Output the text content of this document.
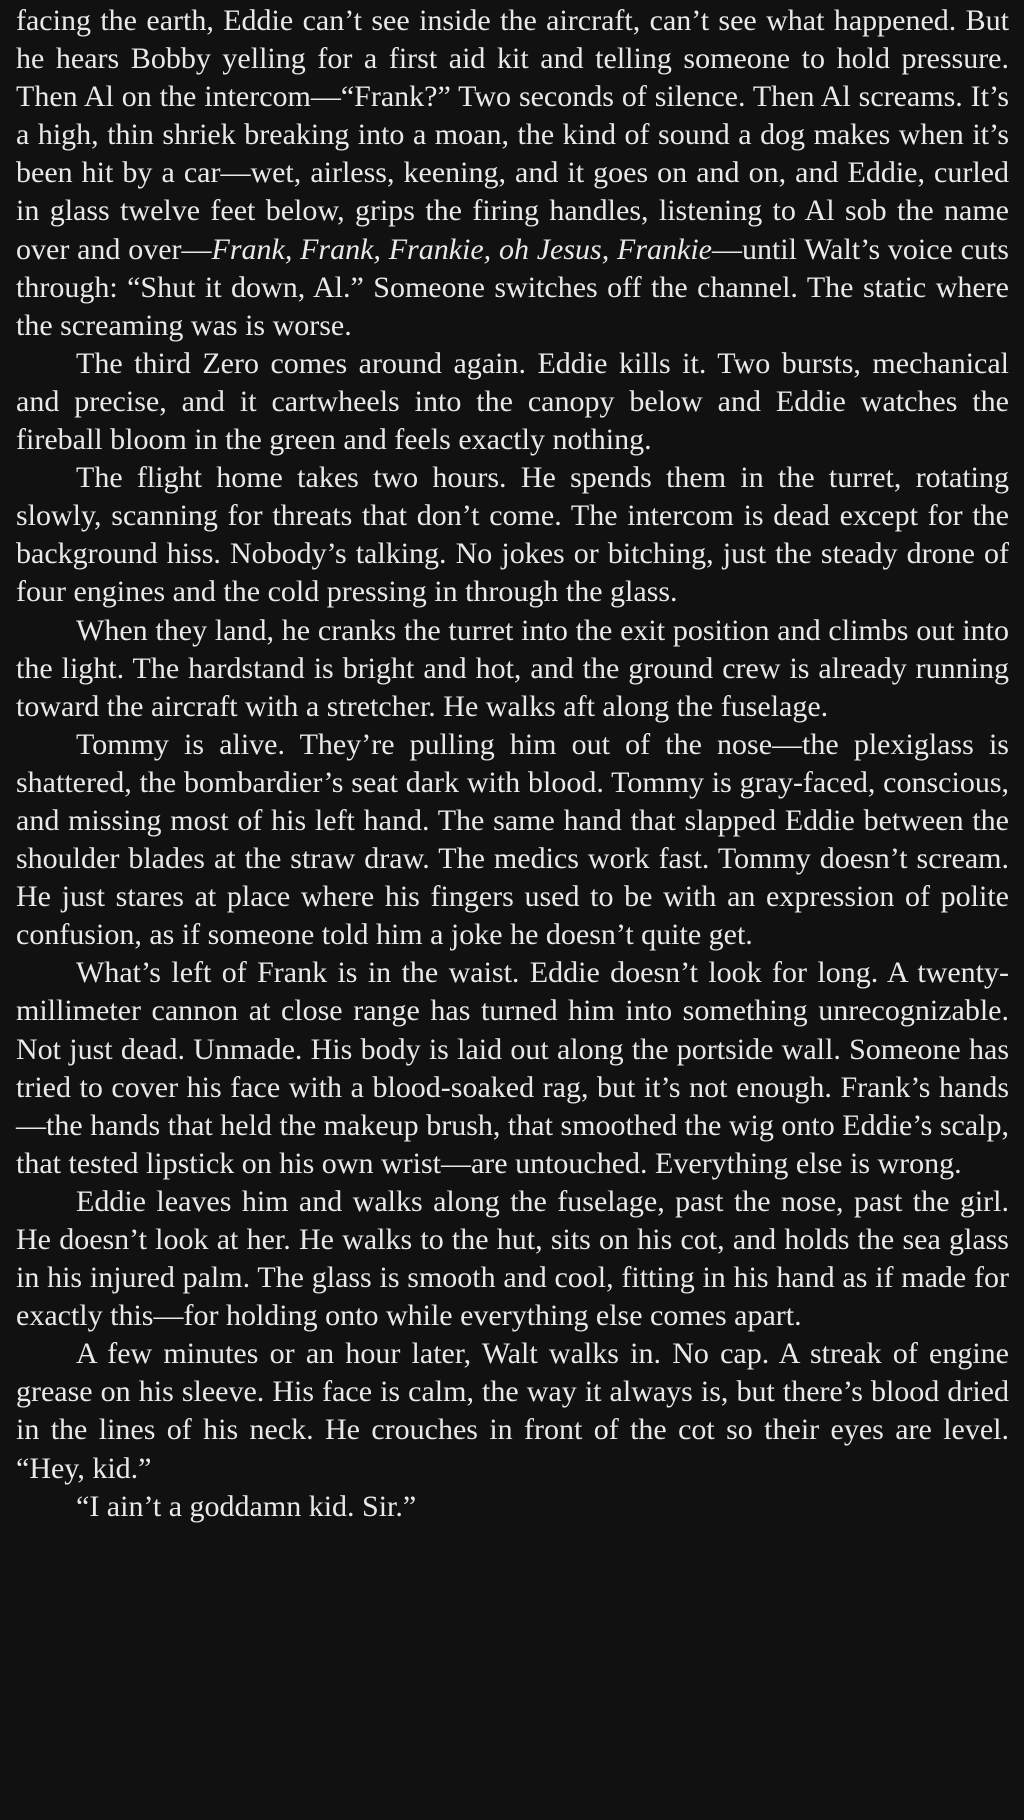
facing the earth, Eddie can’t see inside the aircraft, can’t see what happened. But he hears Bobby yelling for a first aid kit and telling someone to hold pressure. Then Al on the intercom—“Frank?” Two seconds of silence. Then Al screams. It’s a high, thin shriek breaking into a moan, the kind of sound a dog makes when it’s been hit by a car—wet, airless, keening, and it goes on and on, and Eddie, curled in glass twelve feet below, grips the firing handles, listening to Al sob the name over and over—Frank, Frank, Frankie, oh Jesus, Frankie—until Walt’s voice cuts through: “Shut it down, Al.” Someone switches off the channel. The static where the screaming was is worse.

The third Zero comes around again. Eddie kills it. Two bursts, mechanical and precise, and it cartwheels into the canopy below and Eddie watches the fireball bloom in the green and feels exactly nothing.

The flight home takes two hours. He spends them in the turret, rotating slowly, scanning for threats that don’t come. The intercom is dead except for the background hiss. Nobody’s talking. No jokes or bitching, just the steady drone of four engines and the cold pressing in through the glass.

When they land, he cranks the turret into the exit position and climbs out into the light. The hardstand is bright and hot, and the ground crew is already running toward the aircraft with a stretcher. He walks aft along the fuselage.

Tommy is alive. They’re pulling him out of the nose—the plexiglass is shattered, the bombardier’s seat dark with blood. Tommy is gray-faced, conscious, and missing most of his left hand. The same hand that slapped Eddie between the shoulder blades at the straw draw. The medics work fast. Tommy doesn’t scream. He just stares at place where his fingers used to be with an expression of polite confusion, as if someone told him a joke he doesn’t quite get.

What’s left of Frank is in the waist. Eddie doesn’t look for long. A twenty-millimeter cannon at close range has turned him into something unrecognizable. Not just dead. Unmade. His body is laid out along the portside wall. Someone has tried to cover his face with a blood-soaked rag, but it’s not enough. Frank’s hands—the hands that held the makeup brush, that smoothed the wig onto Eddie’s scalp, that tested lipstick on his own wrist—are untouched. Everything else is wrong.

Eddie leaves him and walks along the fuselage, past the nose, past the girl. He doesn’t look at her. He walks to the hut, sits on his cot, and holds the sea glass in his injured palm. The glass is smooth and cool, fitting in his hand as if made for exactly this—for holding onto while everything else comes apart.

A few minutes or an hour later, Walt walks in. No cap. A streak of engine grease on his sleeve. His face is calm, the way it always is, but there’s blood dried in the lines of his neck. He crouches in front of the cot so their eyes are level. “Hey, kid.”

“I ain’t a goddamn kid. Sir.”
